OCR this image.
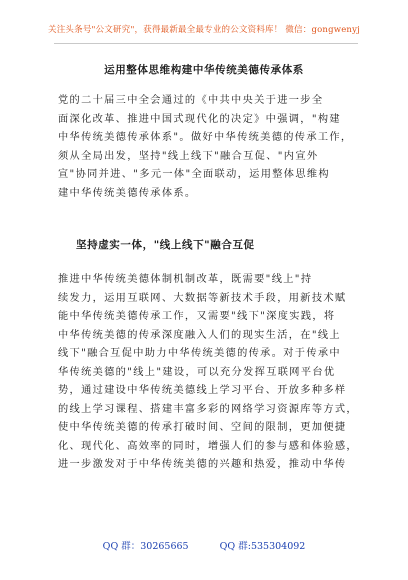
关注头条号"公文研究"，获得最新最全最专业的公文资料库！ 微信：gongwenyj
运用整体思维构建中华传统美德传承体系
党的二十届三中全会通过的《中共中央关于进一步全
面深化改革、推进中国式现代化的决定》中强调，"构建
中华传统美德传承体系"。做好中华传统美德的传承工作，
须从全局出发，坚持"线上线下"融合互促、"内宣外
宣"协同并进、"多元一体"全面联动，运用整体思维构
建中华传统美德传承体系。
坚持虚实一体，"线上线下"融合互促
推进中华传统美德体制机制改革，既需要"线上"持
续发力，运用互联网、大数据等新技术手段，用新技术赋
能中华传统美德传承工作，又需要"线下"深度实践，将
中华传统美德的传承深度融入人们的现实生活，在"线上
线下"融合互促中助力中华传统美德的传承。对于传承中
华传统美德的"线上"建设，可以充分发挥互联网平台优
势，通过建设中华传统美德线上学习平台、开放多种多样
的线上学习课程、搭建丰富多彩的网络学习资源库等方式，
使中华传统美德的传承打破时间、空间的限制，更加便捷
化、现代化、高效率的同时，增强人们的参与感和体验感，
进一步激发对于中华传统美德的兴趣和热爱，推动中华传
QQ 群：30265665	QQ 群:535304092
